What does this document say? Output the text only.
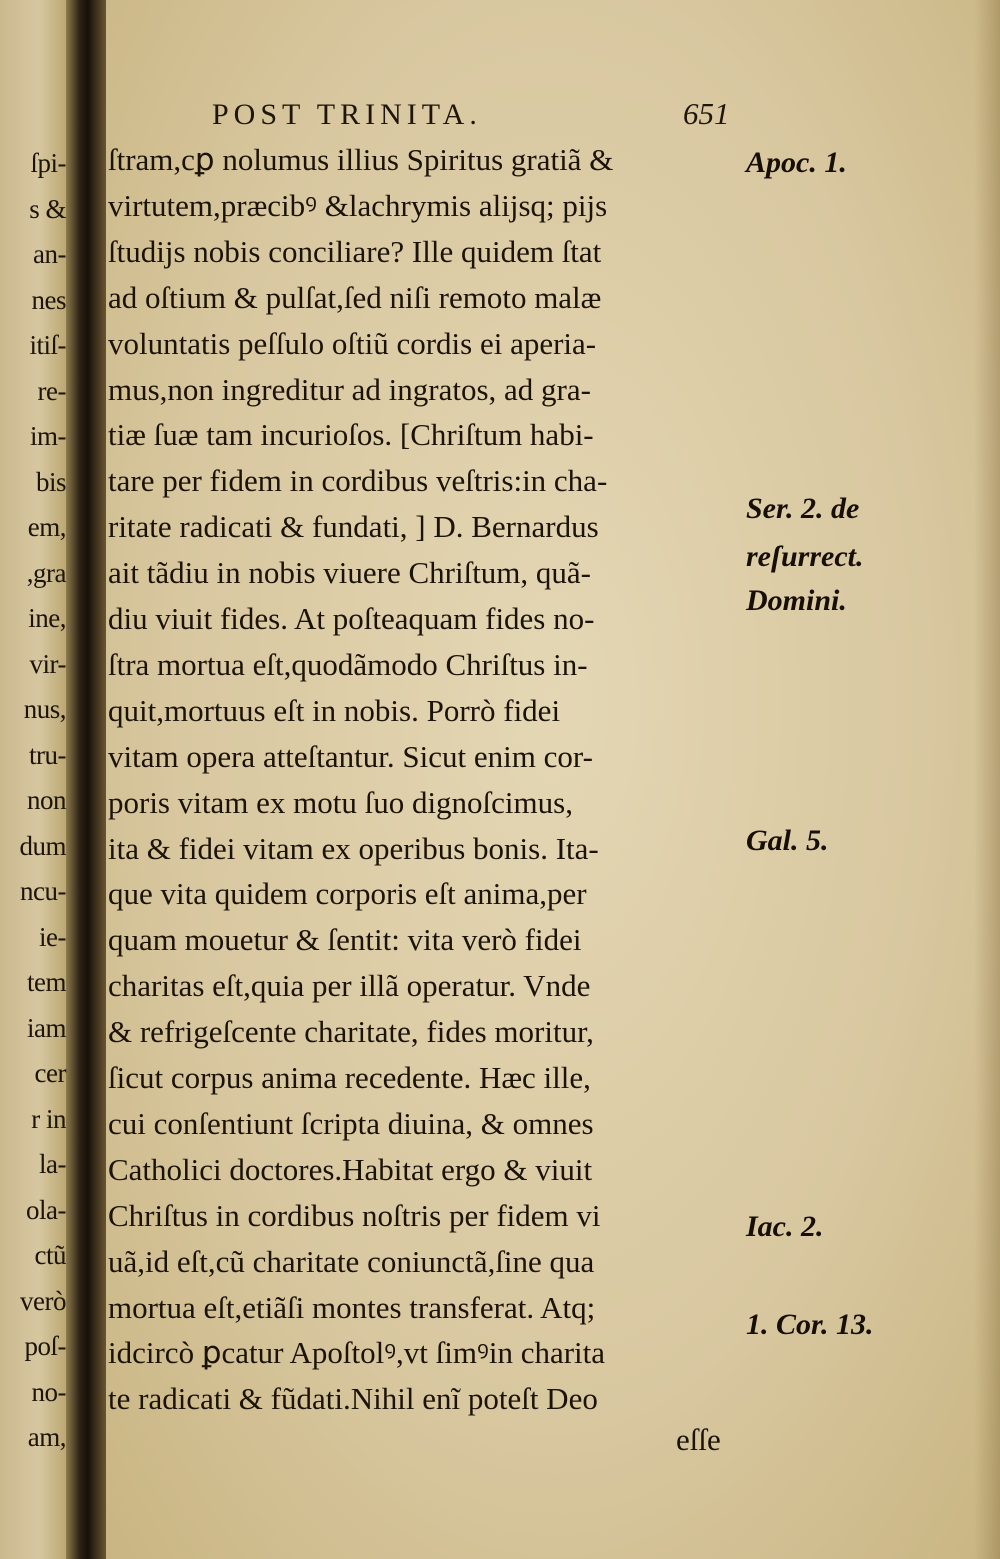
ſpi-
s &
an-
nes
itiſ-
re-
im-
bis
em,
,gra
ine,
vir-
nus,
tru-
non
dum
ncu-
ie-
tem
iam
cer
r in
la-
ola-
ctũ
verò
poſ-
no-
am,
POST TRINITA.	651
ſtram,cꝑ nolumus illius Spiritus gratiã &
virtutem,præcibꝰ &lachrymis alijsq; pijs
ſtudijs nobis conciliare? Ille quidem ſtat
ad oſtium & pulſat,ſed niſi remoto malæ
voluntatis peſſulo oſtiũ cordis ei aperia-
mus,non ingreditur ad ingratos, ad gra-
tiæ ſuæ tam incurioſos. [Chriſtum habi-
tare per fidem in cordibus veſtris:in cha-
ritate radicati & fundati, ] D. Bernardus
ait tãdiu in nobis viuere Chriſtum, quã-
diu viuit fides. At poſteaquam fides no-
ſtra mortua eſt,quodãmodo Chriſtus in-
quit,mortuus eſt in nobis. Porrò fidei
vitam opera atteſtantur. Sicut enim cor-
poris vitam ex motu ſuo dignoſcimus,
ita & fidei vitam ex operibus bonis. Ita-
que vita quidem corporis eſt anima,per
quam mouetur & ſentit: vita verò fidei
charitas eſt,quia per illã operatur. Vnde
& refrigeſcente charitate, fides moritur,
ſicut corpus anima recedente. Hæc ille,
cui conſentiunt ſcripta diuina, & omnes
Catholici doctores.Habitat ergo & viuit
Chriſtus in cordibus noſtris per fidem vi
uã,id eſt,cũ charitate coniunctã,ſine qua
mortua eſt,etiãſi montes transferat. Atq;
idcircò ꝑcatur Apoſtolꝰ,vt ſimꝰin charita
te radicati & fũdati.Nihil enĩ poteſt Deo
eſſe
Apoc. 1.
Ser. 2. de
reſurrect.
Domini.
Gal. 5.
Iac. 2.
1. Cor. 13.
